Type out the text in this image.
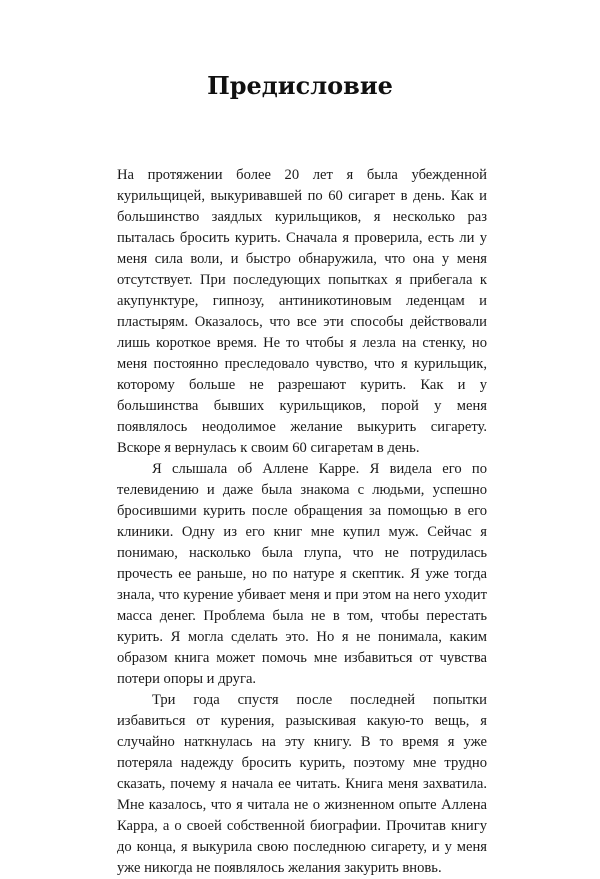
Предисловие

На протяжении более 20 лет я была убежденной курильщицей, выкуривавшей по 60 сигарет в день. Как и большинство заядлых курильщиков, я несколько раз пыталась бросить курить. Сначала я проверила, есть ли у меня сила воли, и быстро обнаружила, что она у меня отсутствует. При последующих попытках я прибегала к акупунктуре, гипнозу, антиникотиновым леденцам и пластырям. Оказалось, что все эти способы действовали лишь короткое время. Не то чтобы я лезла на стенку, но меня постоянно преследовало чувство, что я курильщик, которому больше не разрешают курить. Как и у большинства бывших курильщиков, порой у меня появлялось неодолимое желание выкурить сигарету. Вскоре я вернулась к своим 60 сигаретам в день.

Я слышала об Аллене Карре. Я видела его по телевидению и даже была знакома с людьми, успешно бросившими курить после обращения за помощью в его клиники. Одну из его книг мне купил муж. Сейчас я понимаю, насколько была глупа, что не потрудилась прочесть ее раньше, но по натуре я скептик. Я уже тогда знала, что курение убивает меня и при этом на него уходит масса денег. Проблема была не в том, чтобы перестать курить. Я могла сделать это. Но я не понимала, каким образом книга может помочь мне избавиться от чувства потери опоры и друга.

Три года спустя после последней попытки избавиться от курения, разыскивая какую-то вещь, я случайно наткнулась на эту книгу. В то время я уже потеряла надежду бросить курить, поэтому мне трудно сказать, почему я начала ее читать. Книга меня захватила. Мне казалось, что я читала не о жизненном опыте Аллена Карра, а о своей собственной биографии. Прочитав книгу до конца, я выкурила свою последнюю сигарету, и у меня уже никогда не появлялось желания закурить вновь.
